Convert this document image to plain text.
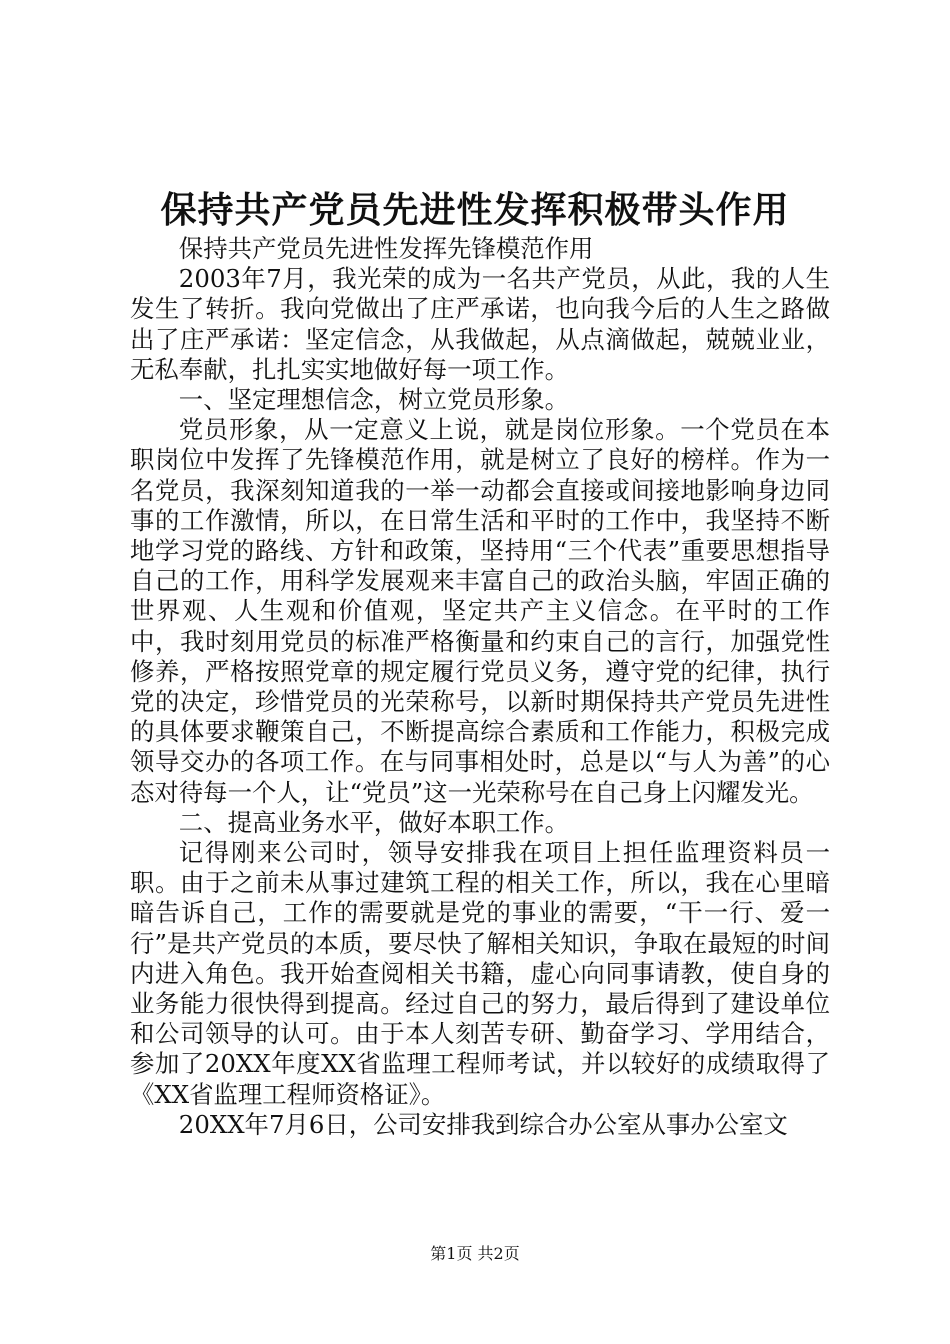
保持共产党员先进性发挥积极带头作用

保持共产党员先进性发挥先锋模范作用

2003年7月，我光荣的成为一名共产党员，从此，我的人生发生了转折。我向党做出了庄严承诺，也向我今后的人生之路做出了庄严承诺：坚定信念，从我做起，从点滴做起，兢兢业业，无私奉献，扎扎实实地做好每一项工作。

一、坚定理想信念，树立党员形象。

党员形象，从一定意义上说，就是岗位形象。一个党员在本职岗位中发挥了先锋模范作用，就是树立了良好的榜样。作为一名党员，我深刻知道我的一举一动都会直接或间接地影响身边同事的工作激情，所以，在日常生活和平时的工作中，我坚持不断地学习党的路线、方针和政策，坚持用“三个代表”重要思想指导自己的工作，用科学发展观来丰富自己的政治头脑，牢固正确的世界观、人生观和价值观，坚定共产主义信念。在平时的工作中，我时刻用党员的标准严格衡量和约束自己的言行，加强党性修养，严格按照党章的规定履行党员义务，遵守党的纪律，执行党的决定，珍惜党员的光荣称号，以新时期保持共产党员先进性的具体要求鞭策自己，不断提高综合素质和工作能力，积极完成领导交办的各项工作。在与同事相处时，总是以“与人为善”的心态对待每一个人，让“党员”这一光荣称号在自己身上闪耀发光。

二、提高业务水平，做好本职工作。

记得刚来公司时，领导安排我在项目上担任监理资料员一职。由于之前未从事过建筑工程的相关工作，所以，我在心里暗暗告诉自己，工作的需要就是党的事业的需要，“干一行、爱一行”是共产党员的本质，要尽快了解相关知识，争取在最短的时间内进入角色。我开始查阅相关书籍，虚心向同事请教，使自身的业务能力很快得到提高。经过自己的努力，最后得到了建设单位和公司领导的认可。由于本人刻苦专研、勤奋学习、学用结合，参加了20XX年度XX省监理工程师考试，并以较好的成绩取得了《XX省监理工程师资格证》。

20XX年7月6日，公司安排我到综合办公室从事办公室文

第1页 共2页
